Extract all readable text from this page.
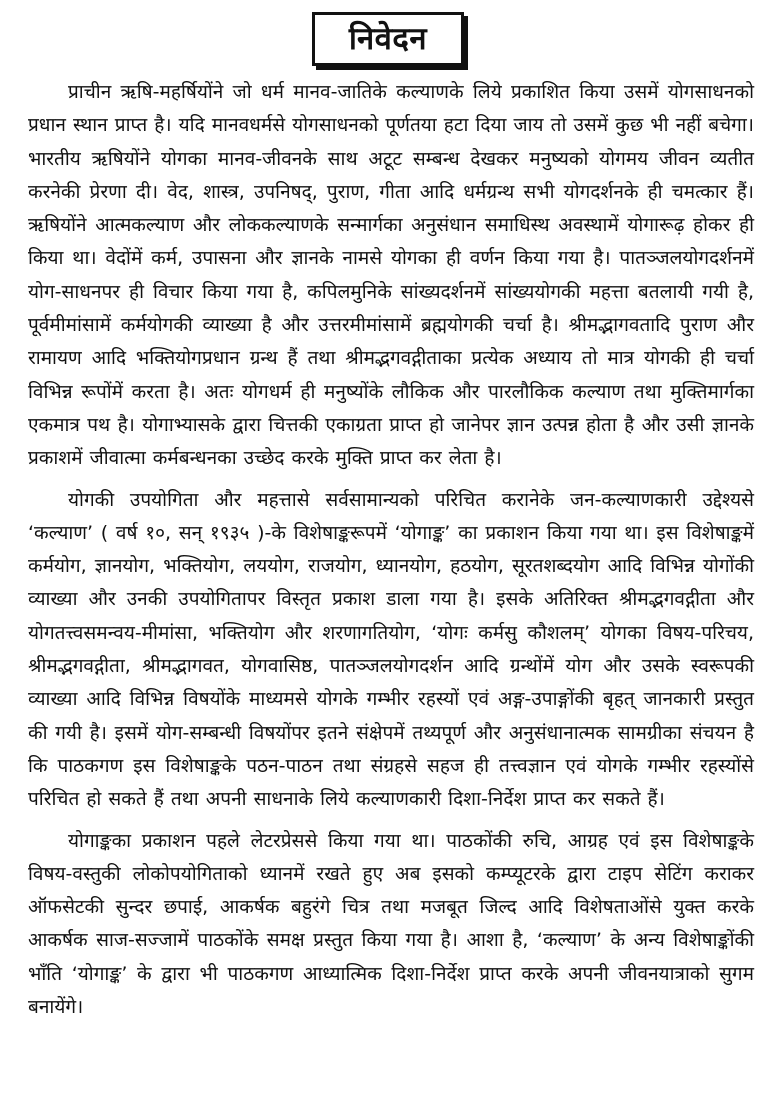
निवेदन

प्राचीन ऋषि-महर्षियोंने जो धर्म मानव-जातिके कल्याणके लिये प्रकाशित किया उसमें योगसाधनको प्रधान स्थान प्राप्त है। यदि मानवधर्मसे योगसाधनको पूर्णतया हटा दिया जाय तो उसमें कुछ भी नहीं बचेगा। भारतीय ऋषियोंने योगका मानव-जीवनके साथ अटूट सम्बन्ध देखकर मनुष्यको योगमय जीवन व्यतीत करनेकी प्रेरणा दी। वेद, शास्त्र, उपनिषद्, पुराण, गीता आदि धर्मग्रन्थ सभी योगदर्शनके ही चमत्कार हैं। ऋषियोंने आत्मकल्याण और लोककल्याणके सन्मार्गका अनुसंधान समाधिस्थ अवस्थामें योगारूढ़ होकर ही किया था। वेदोंमें कर्म, उपासना और ज्ञानके नामसे योगका ही वर्णन किया गया है। पातञ्जलयोगदर्शनमें योग-साधनपर ही विचार किया गया है, कपिलमुनिके सांख्यदर्शनमें सांख्ययोगकी महत्ता बतलायी गयी है, पूर्वमीमांसामें कर्मयोगकी व्याख्या है और उत्तरमीमांसामें ब्रह्मयोगकी चर्चा है। श्रीमद्भागवतादि पुराण और रामायण आदि भक्तियोगप्रधान ग्रन्थ हैं तथा श्रीमद्भगवद्गीताका प्रत्येक अध्याय तो मात्र योगकी ही चर्चा विभिन्न रूपोंमें करता है। अतः योगधर्म ही मनुष्योंके लौकिक और पारलौकिक कल्याण तथा मुक्तिमार्गका एकमात्र पथ है। योगाभ्यासके द्वारा चित्तकी एकाग्रता प्राप्त हो जानेपर ज्ञान उत्पन्न होता है और उसी ज्ञानके प्रकाशमें जीवात्मा कर्मबन्धनका उच्छेद करके मुक्ति प्राप्त कर लेता है।

योगकी उपयोगिता और महत्तासे सर्वसामान्यको परिचित करानेके जन-कल्याणकारी उद्देश्यसे ‘कल्याण’ ( वर्ष १०, सन् १९३५ )-के विशेषाङ्करूपमें ‘योगाङ्क’ का प्रकाशन किया गया था। इस विशेषाङ्कमें कर्मयोग, ज्ञानयोग, भक्तियोग, लययोग, राजयोग, ध्यानयोग, हठयोग, सूरतशब्दयोग आदि विभिन्न योगोंकी व्याख्या और उनकी उपयोगितापर विस्तृत प्रकाश डाला गया है। इसके अतिरिक्त श्रीमद्भगवद्गीता और योगतत्त्वसमन्वय-मीमांसा, भक्तियोग और शरणागतियोग, ‘योगः कर्मसु कौशलम्’ योगका विषय-परिचय, श्रीमद्भगवद्गीता, श्रीमद्भागवत, योगवासिष्ठ, पातञ्जलयोगदर्शन आदि ग्रन्थोंमें योग और उसके स्वरूपकी व्याख्या आदि विभिन्न विषयोंके माध्यमसे योगके गम्भीर रहस्यों एवं अङ्ग-उपाङ्गोंकी बृहत् जानकारी प्रस्तुत की गयी है। इसमें योग-सम्बन्धी विषयोंपर इतने संक्षेपमें तथ्यपूर्ण और अनुसंधानात्मक सामग्रीका संचयन है कि पाठकगण इस विशेषाङ्कके पठन-पाठन तथा संग्रहसे सहज ही तत्त्वज्ञान एवं योगके गम्भीर रहस्योंसे परिचित हो सकते हैं तथा अपनी साधनाके लिये कल्याणकारी दिशा-निर्देश प्राप्त कर सकते हैं।

योगाङ्कका प्रकाशन पहले लेटरप्रेससे किया गया था। पाठकोंकी रुचि, आग्रह एवं इस विशेषाङ्कके विषय-वस्तुकी लोकोपयोगिताको ध्यानमें रखते हुए अब इसको कम्प्यूटरके द्वारा टाइप सेटिंग कराकर ऑफसेटकी सुन्दर छपाई, आकर्षक बहुरंगे चित्र तथा मजबूत जिल्द आदि विशेषताओंसे युक्त करके आकर्षक साज-सज्जामें पाठकोंके समक्ष प्रस्तुत किया गया है। आशा है, ‘कल्याण’ के अन्य विशेषाङ्कोंकी भाँति ‘योगाङ्क’ के द्वारा भी पाठकगण आध्यात्मिक दिशा-निर्देश प्राप्त करके अपनी जीवनयात्राको सुगम बनायेंगे।
